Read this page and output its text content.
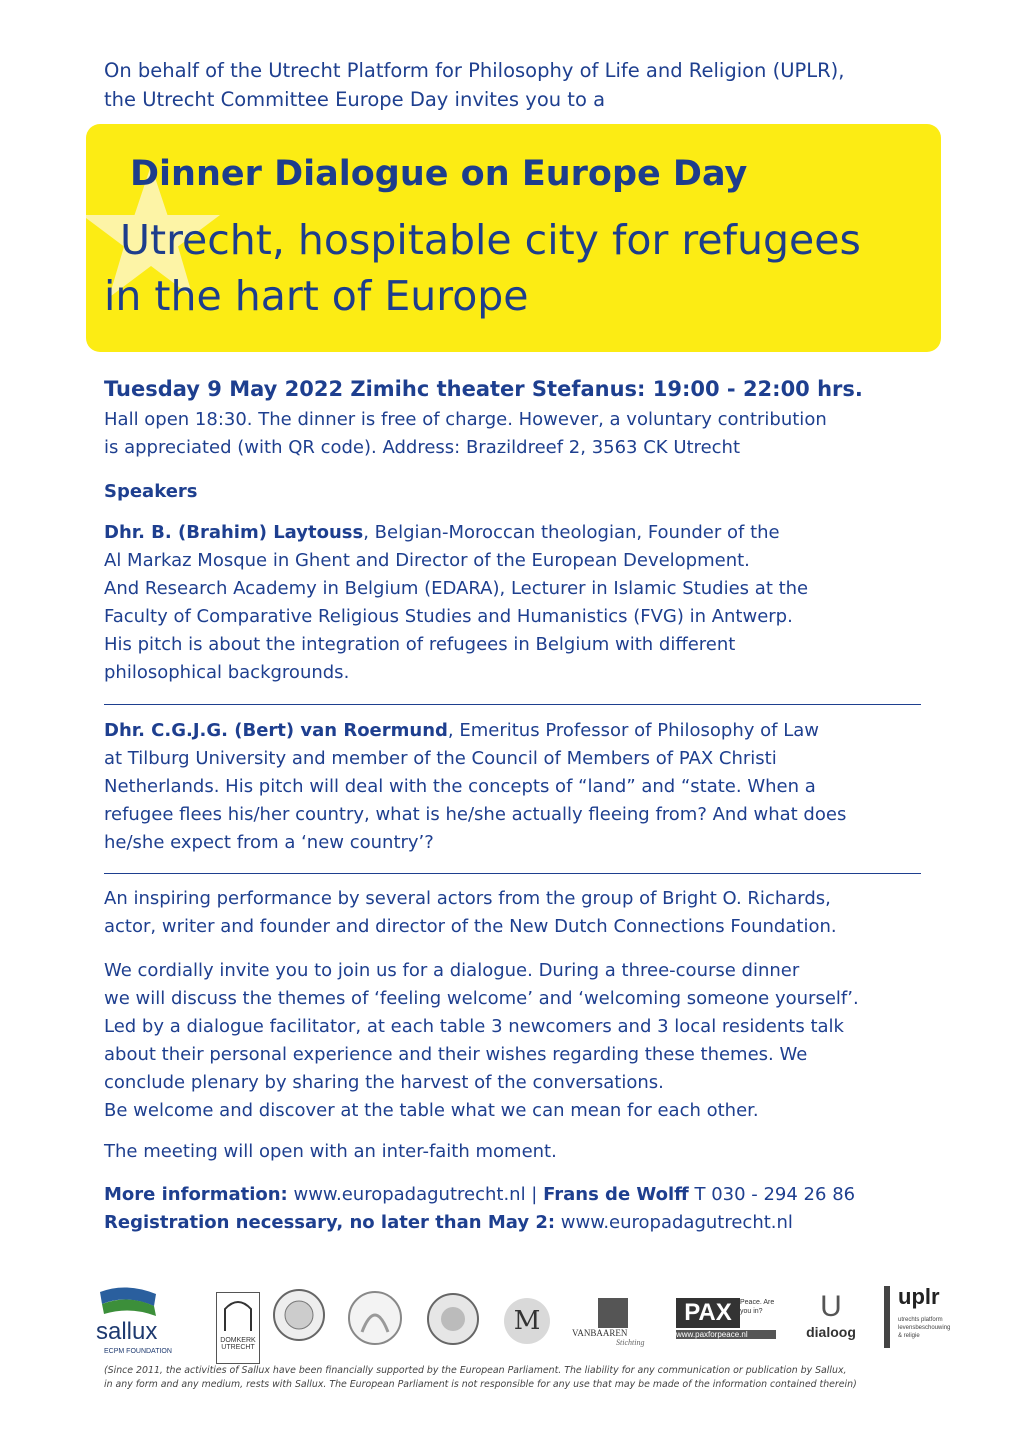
On behalf of the Utrecht Platform for Philosophy of Life and Religion (UPLR),
the Utrecht Committee Europe Day invites you to a
Dinner Dialogue on Europe Day
Utrecht, hospitable city for refugees
in the hart of Europe
Tuesday 9 May 2022 Zimihc theater Stefanus: 19:00 - 22:00 hrs.
Hall open 18:30. The dinner is free of charge. However, a voluntary contribution
is appreciated (with QR code). Address: Brazildreef 2, 3563 CK Utrecht
Speakers
Dhr. B. (Brahim) Laytouss, Belgian-Moroccan theologian, Founder of the
Al Markaz Mosque in Ghent and Director of the European Development.
And Research Academy in Belgium (EDARA), Lecturer in Islamic Studies at the
Faculty of Comparative Religious Studies and Humanistics (FVG) in Antwerp.
His pitch is about the integration of refugees in Belgium with different
philosophical backgrounds.
Dhr. C.G.J.G. (Bert) van Roermund, Emeritus Professor of Philosophy of Law
at Tilburg University and member of the Council of Members of PAX Christi
Netherlands. His pitch will deal with the concepts of “land” and “state. When a
refugee flees his/her country, what is he/she actually fleeing from? And what does
he/she expect from a ‘new country’?
An inspiring performance by several actors from the group of Bright O. Richards,
actor, writer and founder and director of the New Dutch Connections Foundation.
We cordially invite you to join us for a dialogue. During a three-course dinner
we will discuss the themes of ‘feeling welcome’ and ‘welcoming someone yourself’.
Led by a dialogue facilitator, at each table 3 newcomers and 3 local residents talk
about their personal experience and their wishes regarding these themes. We
conclude plenary by sharing the harvest of the conversations.
Be welcome and discover at the table what we can mean for each other.
The meeting will open with an inter-faith moment.
More information: www.europadagutrecht.nl | Frans de Wolff T 030 - 294 26 86
Registration necessary, no later than May 2: www.europadagutrecht.nl
sallux
ECPM FOUNDATION
DOMKERK
UTRECHT
M	VANBAAREN
Stichting
PAX	Peace. Are you in?
www.paxforpeace.nl
U
dialoog
uplr
utrechts platform
levensbeschouwing
& religie
(Since 2011, the activities of Sallux have been financially supported by the European Parliament. The liability for any communication or publication by Sallux,
in any form and any medium, rests with Sallux. The European Parliament is not responsible for any use that may be made of the information contained therein)
